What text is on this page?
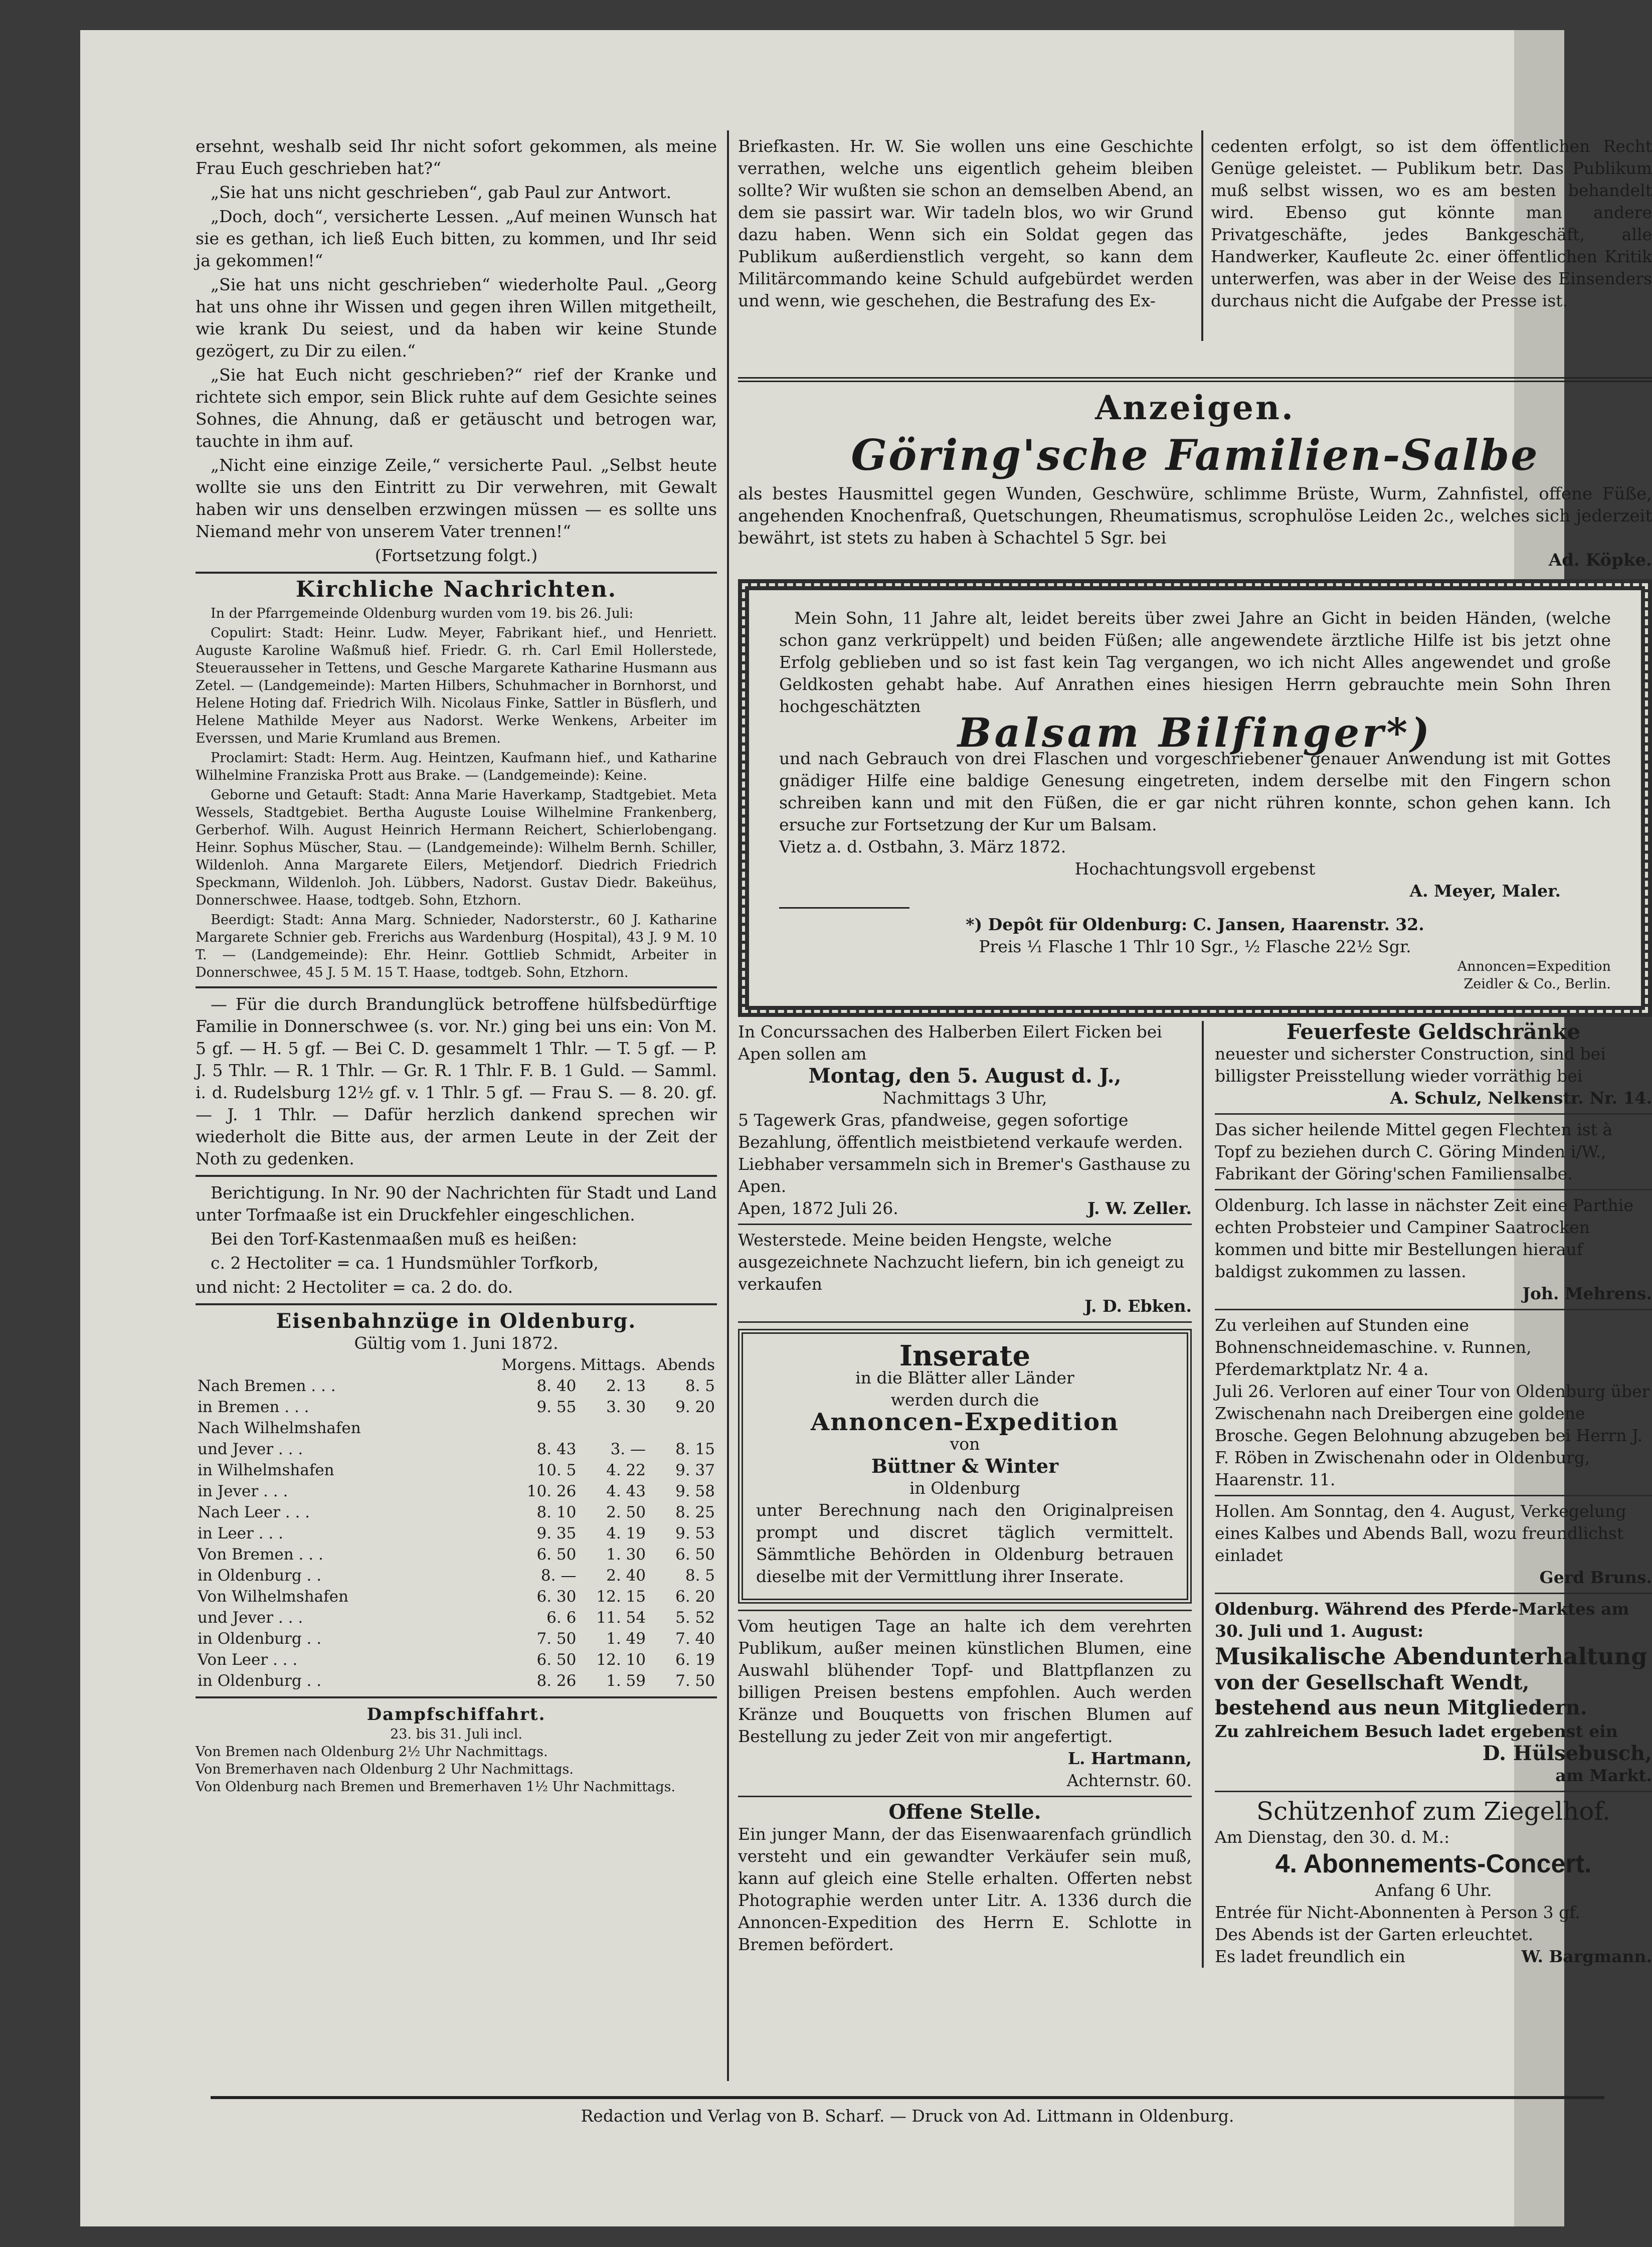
ersehnt, weshalb seid Ihr nicht sofort gekommen, als meine Frau Euch geschrieben hat?“

„Sie hat uns nicht geschrieben“, gab Paul zur Antwort.

„Doch, doch“, versicherte Lessen. „Auf meinen Wunsch hat sie es gethan, ich ließ Euch bitten, zu kommen, und Ihr seid ja gekommen!“

„Sie hat uns nicht geschrieben“ wiederholte Paul. „Georg hat uns ohne ihr Wissen und gegen ihren Willen mitgetheilt, wie krank Du seiest, und da haben wir keine Stunde gezögert, zu Dir zu eilen.“

„Sie hat Euch nicht geschrieben?“ rief der Kranke und richtete sich empor, sein Blick ruhte auf dem Gesichte seines Sohnes, die Ahnung, daß er getäuscht und betrogen war, tauchte in ihm auf.

„Nicht eine einzige Zeile,“ versicherte Paul. „Selbst heute wollte sie uns den Eintritt zu Dir verwehren, mit Gewalt haben wir uns denselben erzwingen müssen — es sollte uns Niemand mehr von unserem Vater trennen!“

(Fortsetzung folgt.)
Kirchliche Nachrichten.

In der Pfarrgemeinde Oldenburg wurden vom 19. bis 26. Juli:

Copulirt: Stadt: Heinr. Ludw. Meyer, Fabrikant hief., und Henriett. Auguste Karoline Waßmuß hief. Friedr. G. rh. Carl Emil Hollerstede, Steuerausseher in Tettens, und Gesche Margarete Katharine Husmann aus Zetel. — (Landgemeinde): Marten Hilbers, Schuhmacher in Bornhorst, und Helene Hoting daf. Friedrich Wilh. Nicolaus Finke, Sattler in Büsflerh, und Helene Mathilde Meyer aus Nadorst. Werke Wenkens, Arbeiter im Everssen, und Marie Krumland aus Bremen.

Proclamirt: Stadt: Herm. Aug. Heintzen, Kaufmann hief., und Katharine Wilhelmine Franziska Prott aus Brake. — (Landgemeinde): Keine.

Geborne und Getauft: Stadt: Anna Marie Haverkamp, Stadtgebiet. Meta Wessels, Stadtgebiet. Bertha Auguste Louise Wilhelmine Frankenberg, Gerberhof. Wilh. August Heinrich Hermann Reichert, Schierlobengang. Heinr. Sophus Müscher, Stau. — (Landgemeinde): Wilhelm Bernh. Schiller, Wildenloh. Anna Margarete Eilers, Metjendorf. Diedrich Friedrich Speckmann, Wildenloh. Joh. Lübbers, Nadorst. Gustav Diedr. Bakeühus, Donnerschwee. Haase, todtgeb. Sohn, Etzhorn.

Beerdigt: Stadt: Anna Marg. Schnieder, Nadorsterstr., 60 J. Katharine Margarete Schnier geb. Frerichs aus Wardenburg (Hospital), 43 J. 9 M. 10 T. — (Landgemeinde): Ehr. Heinr. Gottlieb Schmidt, Arbeiter in Donnerschwee, 45 J. 5 M. 15 T. Haase, todtgeb. Sohn, Etzhorn.

— Für die durch Brandunglück betroffene hülfsbedürftige Familie in Donnerschwee (s. vor. Nr.) ging bei uns ein: Von M. 5 gf. — H. 5 gf. — Bei C. D. gesammelt 1 Thlr. — T. 5 gf. — P. J. 5 Thlr. — R. 1 Thlr. — Gr. R. 1 Thlr. F. B. 1 Guld. — Samml. i. d. Rudelsburg 12½ gf. v. 1 Thlr. 5 gf. — Frau S. — 8. 20. gf. — J. 1 Thlr. — Dafür herzlich dankend sprechen wir wiederholt die Bitte aus, der armen Leute in der Zeit der Noth zu gedenken.

Berichtigung. In Nr. 90 der Nachrichten für Stadt und Land unter Torfmaaße ist ein Druckfehler eingeschlichen.

Bei den Torf-Kastenmaaßen muß es heißen:

c. 2 Hectoliter = ca. 1 Hundsmühler Torfkorb,

und nicht: 2 Hectoliter = ca. 2 do. do.

Eisenbahnzüge in Oldenburg.
Gültig vom 1. Juni 1872.
	Morgens.	Mittags.	Abends
Nach Bremen . . .	8. 40	2. 13	8. 5
in Bremen . . .	9. 55	3. 30	9. 20
Nach Wilhelmshafen			
und Jever . . .	8. 43	3. —	8. 15
in Wilhelmshafen	10. 5	4. 22	9. 37
in Jever . . .	10. 26	4. 43	9. 58
Nach Leer . . .	8. 10	2. 50	8. 25
in Leer . . .	9. 35	4. 19	9. 53
Von Bremen . . .	6. 50	1. 30	6. 50
in Oldenburg . .	8. —	2. 40	8. 5
Von Wilhelmshafen	6. 30	12. 15	6. 20
und Jever . . .	6. 6	11. 54	5. 52
in Oldenburg . .	7. 50	1. 49	7. 40
Von Leer . . .	6. 50	12. 10	6. 19
in Oldenburg . .	8. 26	1. 59	7. 50
Dampfschiffahrt.
23. bis 31. Juli incl.
Von Bremen nach Oldenburg 2½ Uhr Nachmittags.
Von Bremerhaven nach Oldenburg 2 Uhr Nachmittags.
Von Oldenburg nach Bremen und Bremerhaven 1½ Uhr Nachmittags.

Briefkasten. Hr. W. Sie wollen uns eine Geschichte verrathen, welche uns eigentlich geheim bleiben sollte? Wir wußten sie schon an demselben Abend, an dem sie passirt war. Wir tadeln blos, wo wir Grund dazu haben. Wenn sich ein Soldat gegen das Publikum außerdienstlich vergeht, so kann dem Militärcommando keine Schuld aufgebürdet werden und wenn, wie geschehen, die Bestrafung des Ex-

cedenten erfolgt, so ist dem öffentlichen Recht Genüge geleistet. — Publikum betr. Das Publikum muß selbst wissen, wo es am besten behandelt wird. Ebenso gut könnte man andere Privatgeschäfte, jedes Bankgeschäft, alle Handwerker, Kaufleute 2c. einer öffentlichen Kritik unterwerfen, was aber in der Weise des Einsenders durchaus nicht die Aufgabe der Presse ist.

Anzeigen.
Göring'sche Familien-Salbe
als bestes Hausmittel gegen Wunden, Geschwüre, schlimme Brüste, Wurm, Zahnfistel, offene Füße, angehenden Knochenfraß, Quetschungen, Rheumatismus, scrophulöse Leiden 2c., welches sich jederzeit bewährt, ist stets zu haben à Schachtel 5 Sgr. bei
Ad. Köpke.

Mein Sohn, 11 Jahre alt, leidet bereits über zwei Jahre an Gicht in beiden Händen, (welche schon ganz verkrüppelt) und beiden Füßen; alle angewendete ärztliche Hilfe ist bis jetzt ohne Erfolg geblieben und so ist fast kein Tag vergangen, wo ich nicht Alles angewendet und große Geldkosten gehabt habe. Auf Anrathen eines hiesigen Herrn gebrauchte mein Sohn Ihren hochgeschätzten

Balsam Bilfinger*)

und nach Gebrauch von drei Flaschen und vorgeschriebener genauer Anwendung ist mit Gottes gnädiger Hilfe eine baldige Genesung eingetreten, indem derselbe mit den Fingern schon schreiben kann und mit den Füßen, die er gar nicht rühren konnte, schon gehen kann. Ich ersuche zur Fortsetzung der Kur um Balsam.

Vietz a. d. Ostbahn, 3. März 1872.
Hochachtungsvoll ergebenst
A. Meyer, Maler.
*) Depôt für Oldenburg: C. Jansen, Haarenstr. 32.
Preis ¹⁄₁ Flasche 1 Thlr 10 Sgr., ½ Flasche 22½ Sgr.
Annoncen=Expedition
Zeidler & Co., Berlin.

In Concurssachen des Halberben Eilert Ficken bei Apen sollen am

Montag, den 5. August d. J.,
Nachmittags 3 Uhr,

5 Tagewerk Gras, pfandweise, gegen sofortige Bezahlung, öffentlich meistbietend verkaufe werden. Liebhaber versammeln sich in Bremer's Gasthause zu Apen.

Apen, 1872 Juli 26.	J. W. Zeller.

Westerstede. Meine beiden Hengste, welche ausgezeichnete Nachzucht liefern, bin ich geneigt zu verkaufen

J. D. Ebken.
Inserate
in die Blätter aller Länder
werden durch die
Annoncen-Expedition
von
Büttner & Winter
in Oldenburg

unter Berechnung nach den Originalpreisen prompt und discret täglich vermittelt. Sämmtliche Behörden in Oldenburg betrauen dieselbe mit der Vermittlung ihrer Inserate.

Vom heutigen Tage an halte ich dem verehrten Publikum, außer meinen künstlichen Blumen, eine Auswahl blühender Topf- und Blattpflanzen zu billigen Preisen bestens empfohlen. Auch werden Kränze und Bouquetts von frischen Blumen auf Bestellung zu jeder Zeit von mir angefertigt.

L. Hartmann,
Achternstr. 60.
Offene Stelle.

Ein junger Mann, der das Eisenwaarenfach gründlich versteht und ein gewandter Verkäufer sein muß, kann auf gleich eine Stelle erhalten. Offerten nebst Photographie werden unter Litr. A. 1336 durch die Annoncen-Expedition des Herrn E. Schlotte in Bremen befördert.

Feuerfeste Geldschränke

neuester und sicherster Construction, sind bei billigster Preisstellung wieder vorräthig bei

A. Schulz, Nelkenstr. Nr. 14.

Das sicher heilende Mittel gegen Flechten ist à Topf zu beziehen durch C. Göring Minden i/W., Fabrikant der Göring'schen Familiensalbe.

Oldenburg. Ich lasse in nächster Zeit eine Parthie echten Probsteier und Campiner Saatrocken kommen und bitte mir Bestellungen hierauf baldigst zukommen zu lassen.

Joh. Mehrens.

Zu verleihen auf Stunden eine Bohnenschneidemaschine. v. Runnen, Pferdemarktplatz Nr. 4 a.

Juli 26. Verloren auf einer Tour von Oldenburg über Zwischenahn nach Dreibergen eine goldene Brosche. Gegen Belohnung abzugeben bei Herrn J. F. Röben in Zwischenahn oder in Oldenburg, Haarenstr. 11.

Hollen. Am Sonntag, den 4. August, Verkegelung eines Kalbes und Abends Ball, wozu freundlichst einladet

Gerd Bruns.

Oldenburg. Während des Pferde-Marktes am 30. Juli und 1. August:

Musikalische Abendunterhaltung
von der Gesellschaft Wendt, bestehend aus neun Mitgliedern.
Zu zahlreichem Besuch ladet ergebenst ein
D. Hülsebusch,
am Markt.
Schützenhof zum Ziegelhof.
Am Dienstag, den 30. d. M.:
4. Abonnements-Concert.
Anfang 6 Uhr.
Entrée für Nicht-Abonnenten à Person 3 gf.
Des Abends ist der Garten erleuchtet.
Es ladet freundlich ein	W. Bargmann.
Redaction und Verlag von B. Scharf. — Druck von Ad. Littmann in Oldenburg.
